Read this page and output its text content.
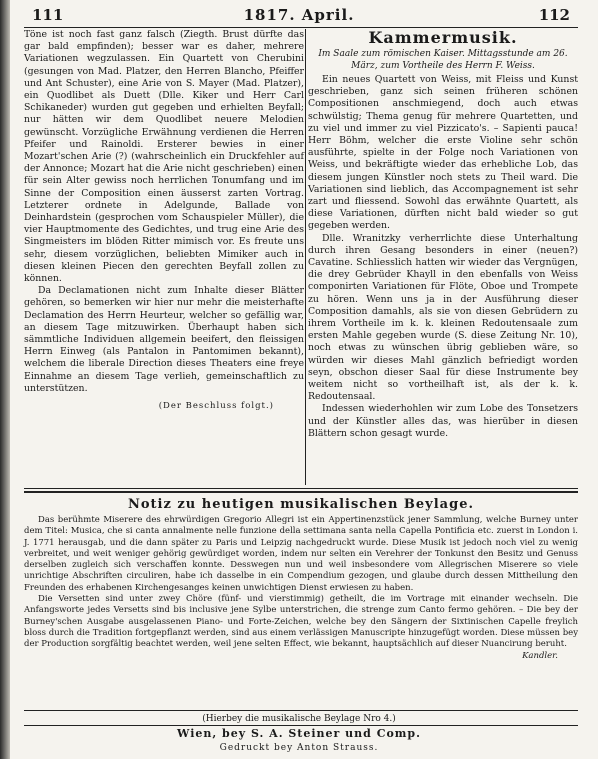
111	1817. April.	112

Töne ist noch fast ganz falsch (Ziegth. Brust dürfte das gar bald empfinden); besser war es daher, mehrere Variationen wegzulassen. Ein Quartett von Cherubini (gesungen von Mad. Platzer, den Herren Blancho, Pfeiffer und Ant Schuster), eine Arie von S. Mayer (Mad. Platzer), ein Quodlibet als Duett (Dlle. Kiker und Herr Carl Schikaneder) wurden gut gegeben und erhielten Beyfall; nur hätten wir dem Quodlibet neuere Melodien gewünscht. Vorzügliche Erwähnung verdienen die Herren Pfeifer und Rainoldi. Ersterer bewies in einer Mozart'schen Arie (?) (wahrscheinlich ein Druckfehler auf der Annonce; Mozart hat die Arie nicht geschrieben) einen für sein Alter gewiss noch herrlichen Tonumfang und im Sinne der Composition einen äusserst zarten Vortrag. Letzterer ordnete in Adelgunde, Ballade von Deinhardstein (gesprochen vom Schauspieler Müller), die vier Hauptmomente des Gedichtes, und trug eine Arie des Singmeisters im blöden Ritter mimisch vor. Es freute uns sehr, diesem vorzüglichen, beliebten Mimiker auch in diesen kleinen Piecen den gerechten Beyfall zollen zu können.

Da Declamationen nicht zum Inhalte dieser Blätter gehören, so bemerken wir hier nur mehr die meisterhafte Declamation des Herrn Heurteur, welcher so gefällig war, an diesem Tage mitzuwirken. Überhaupt haben sich sämmtliche Individuen allgemein beeifert, den fleissigen Herrn Einweg (als Pantalon in Pantomimen bekannt), welchem die liberale Direction dieses Theaters eine freye Einnahme an diesem Tage verlieh, gemeinschaftlich zu unterstützen.

(Der Beschluss folgt.)
Kammermusik.
Im Saale zum römischen Kaiser. Mittagsstunde am 26. März, zum Vortheile des Herrn F. Weiss.

Ein neues Quartett von Weiss, mit Fleiss und Kunst geschrieben, ganz sich seinen früheren schönen Compositionen anschmiegend, doch auch etwas schwülstig; Thema genug für mehrere Quartetten, und zu viel und immer zu viel Pizzicato's. – Sapienti pauca! Herr Böhm, welcher die erste Violine sehr schön ausführte, spielte in der Folge noch Variationen von Weiss, und bekräftigte wieder das erhebliche Lob, das diesem jungen Künstler noch stets zu Theil ward. Die Variationen sind lieblich, das Accompagnement ist sehr zart und fliessend. Sowohl das erwähnte Quartett, als diese Variationen, dürften nicht bald wieder so gut gegeben werden.

Dlle. Wranitzky verherrlichte diese Unterhaltung durch ihren Gesang besonders in einer (neuen?) Cavatine. Schliesslich hatten wir wieder das Vergnügen, die drey Gebrüder Khayll in den ebenfalls von Weiss componirten Variationen für Flöte, Oboe und Trompete zu hören. Wenn uns ja in der Ausführung dieser Composition damahls, als sie von diesen Gebrüdern zu ihrem Vortheile im k. k. kleinen Redoutensaale zum ersten Mahle gegeben wurde (S. diese Zeitung Nr. 10), noch etwas zu wünschen übrig geblieben wäre, so würden wir dieses Mahl gänzlich befriedigt worden seyn, obschon dieser Saal für diese Instrumente bey weitem nicht so vortheilhaft ist, als der k. k. Redoutensaal.

Indessen wiederhohlen wir zum Lobe des Tonsetzers und der Künstler alles das, was hierüber in diesen Blättern schon gesagt wurde.

Notiz zu heutigen musikalischen Beylage.

Das berühmte Miserere des ehrwürdigen Gregorio Allegri ist ein Appertinenzstück jener Sammlung, welche Burney unter dem Titel: Musica, che si canta annalmente nelle funzione della settimana santa nella Capella Pontificia etc. zuerst in London i. J. 1771 herausgab, und die dann später zu Paris und Leipzig nachgedruckt wurde. Diese Musik ist jedoch noch viel zu wenig verbreitet, und weit weniger gehörig gewürdiget worden, indem nur selten ein Verehrer der Tonkunst den Besitz und Genuss derselben zugleich sich verschaffen konnte. Desswegen nun und weil insbesondere vom Allegrischen Miserere so viele unrichtige Abschriften circuliren, habe ich dasselbe in ein Compendium gezogen, und glaube durch dessen Mittheilung den Freunden des erhabenen Kirchengesanges keinen unwichtigen Dienst erwiesen zu haben.

Die Versetten sind unter zwey Chöre (fünf- und vierstimmig) getheilt, die im Vortrage mit einander wechseln. Die Anfangsworte jedes Versetts sind bis inclusive jene Sylbe unterstrichen, die strenge zum Canto fermo gehören. – Die bey der Burney'schen Ausgabe ausgelassenen Piano- und Forte-Zeichen, welche bey den Sängern der Sixtinischen Capelle freylich bloss durch die Tradition fortgepflanzt werden, sind aus einem verlässigen Manuscripte hinzugefügt worden. Diese müssen bey der Production sorgfältig beachtet werden, weil jene selten Effect, wie bekannt, hauptsächlich auf dieser Nuancirung beruht.

Kandler.
(Hierbey die musikalische Beylage Nro 4.)
Wien, bey S. A. Steiner und Comp.
Gedruckt bey Anton Strauss.
